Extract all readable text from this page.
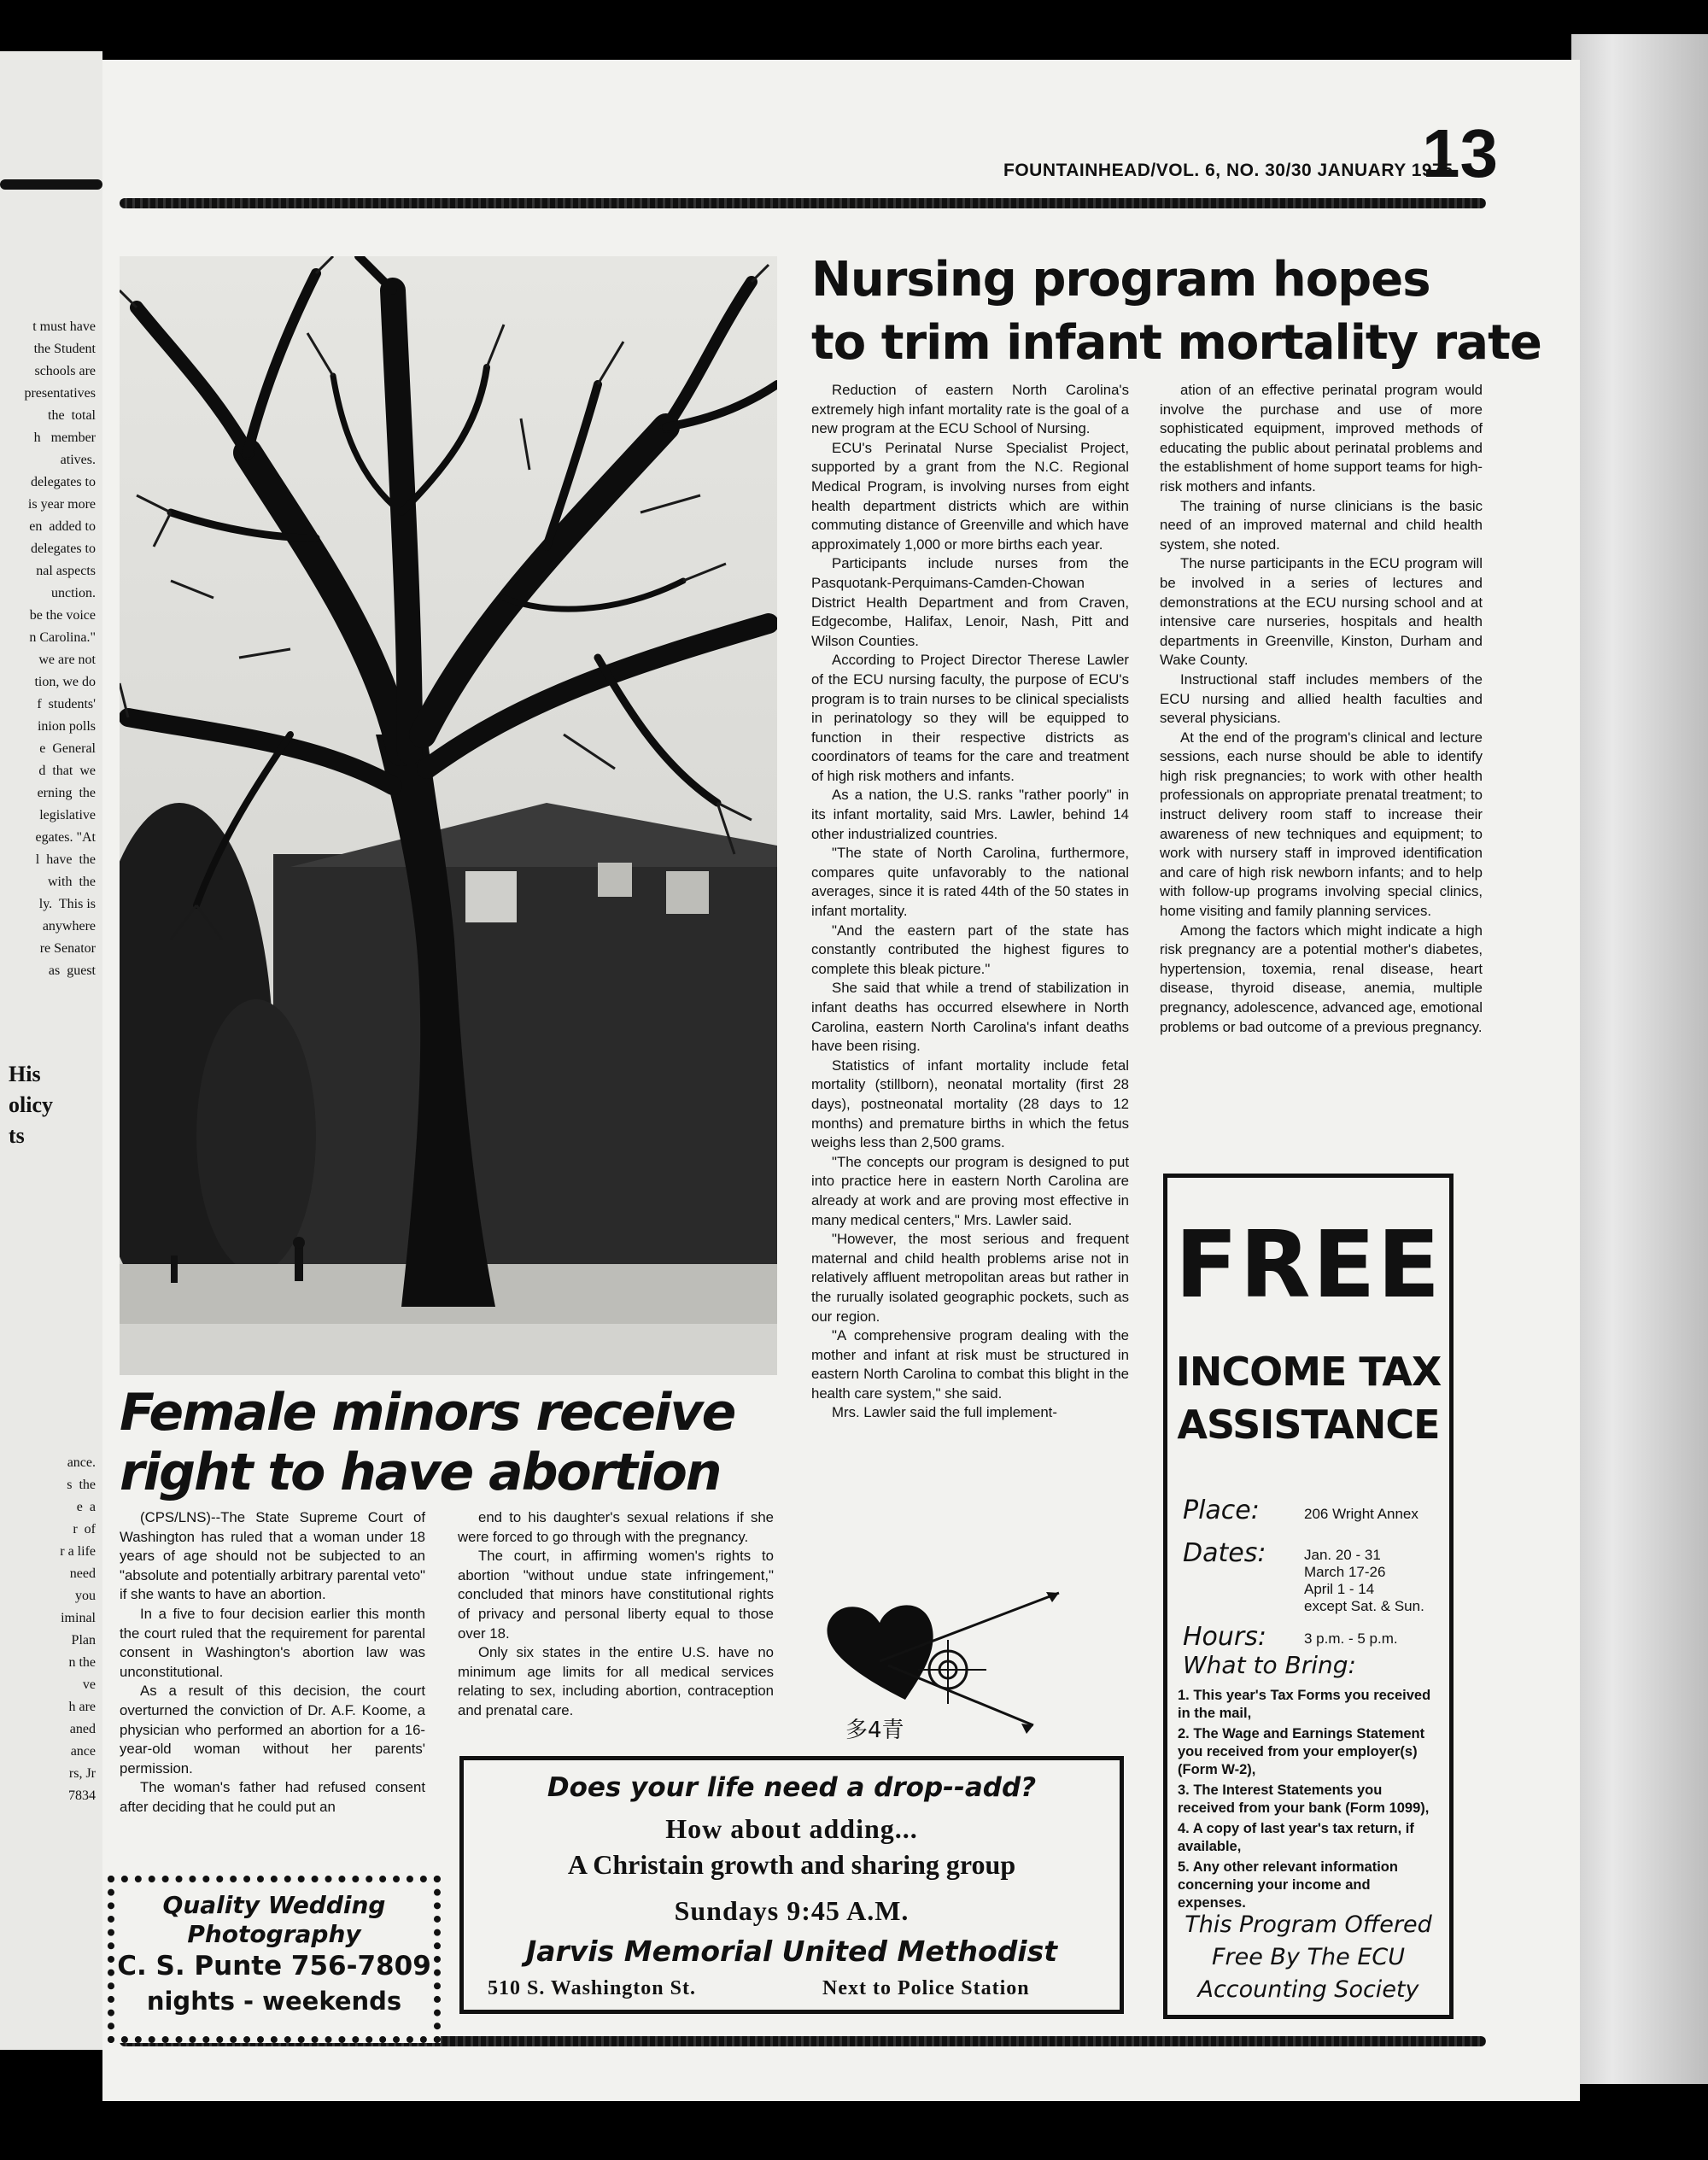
t must have
the Student
schools are
presentatives
the  total
h   member
atives.
delegates to
is year more
en  added to
delegates to
nal aspects
unction.
be the voice
n Carolina."
we are not
tion, we do
f  students'
inion polls
e  General
d  that  we
erning  the
legislative
egates. "At
l  have  the
with  the
ly.  This is
anywhere
re Senator
as  guest
His
olicy
ts
ance.
s  the
e  a
r  of
r a life
need
you
iminal
Plan
n the
ve
h are
aned
ance
rs, Jr
7834
FOUNTAINHEAD/VOL. 6, NO. 30/30 JANUARY 1975
13
Nursing program hopes
to trim infant mortality rate

Reduction of eastern North Carolina's extremely high infant mortality rate is the goal of a new program at the ECU School of Nursing.

ECU's Perinatal Nurse Specialist Project, supported by a grant from the N.C. Regional Medical Program, is involving nurses from eight health department districts which are within commuting distance of Greenville and which have approximately 1,000 or more births each year.

Participants include nurses from the Pasquotank-Perquimans-Camden-Chowan District Health Department and from Craven, Edgecombe, Halifax, Lenoir, Nash, Pitt and Wilson Counties.

According to Project Director Therese Lawler of the ECU nursing faculty, the purpose of ECU's program is to train nurses to be clinical specialists in perinatology so they will be equipped to function in their respective districts as coordinators of teams for the care and treatment of high risk mothers and infants.

As a nation, the U.S. ranks "rather poorly" in its infant mortality, said Mrs. Lawler, behind 14 other industrialized countries.

"The state of North Carolina, furthermore, compares quite unfavorably to the national averages, since it is rated 44th of the 50 states in infant mortality.

"And the eastern part of the state has constantly contributed the highest figures to complete this bleak picture."

She said that while a trend of stabilization in infant deaths has occurred elsewhere in North Carolina, eastern North Carolina's infant deaths have been rising.

Statistics of infant mortality include fetal mortality (stillborn), neonatal mortality (first 28 days), postneonatal mortality (28 days to 12 months) and premature births in which the fetus weighs less than 2,500 grams.

"The concepts our program is designed to put into practice here in eastern North Carolina are already at work and are proving most effective in many medical centers," Mrs. Lawler said.

"However, the most serious and frequent maternal and child health problems arise not in relatively affluent metropolitan areas but rather in the rurually isolated geographic pockets, such as our region.

"A comprehensive program dealing with the mother and infant at risk must be structured in eastern North Carolina to combat this blight in the health care system," she said.

Mrs. Lawler said the full implement-

ation of an effective perinatal program would involve the purchase and use of more sophisticated equipment, improved methods of educating the public about perinatal problems and the establishment of home support teams for high-risk mothers and infants.

The training of nurse clinicians is the basic need of an improved maternal and child health system, she noted.

The nurse participants in the ECU program will be involved in a series of lectures and demonstrations at the ECU nursing school and at intensive care nurseries, hospitals and health departments in Greenville, Kinston, Durham and Wake County.

Instructional staff includes members of the ECU nursing and allied health faculties and several physicians.

At the end of the program's clinical and lecture sessions, each nurse should be able to identify high risk pregnancies; to work with other health professionals on appropriate prenatal treatment; to instruct delivery room staff to increase their awareness of new techniques and equipment; to work with nursery staff in improved identification and care of high risk newborn infants; and to help with follow-up programs involving special clinics, home visiting and family planning services.

Among the factors which might indicate a high risk pregnancy are a potential mother's diabetes, hypertension, toxemia, renal disease, heart disease, thyroid disease, anemia, multiple pregnancy, adolescence, advanced age, emotional problems or bad outcome of a previous pregnancy.

Female minors receive
right to have abortion

(CPS/LNS)--The State Supreme Court of Washington has ruled that a woman under 18 years of age should not be subjected to an "absolute and potentially arbitrary parental veto" if she wants to have an abortion.

In a five to four decision earlier this month the court ruled that the requirement for parental consent in Washington's abortion law was unconstitutional.

As a result of this decision, the court overturned the conviction of Dr. A.F. Koome, a physician who performed an abortion for a 16-year-old woman without her parents' permission.

The woman's father had refused consent after deciding that he could put an

end to his daughter's sexual relations if she were forced to go through with the pregnancy.

The court, in affirming women's rights to abortion "without undue state infringement," concluded that minors have constitutional rights of privacy and personal liberty equal to those over 18.

Only six states in the entire U.S. have no minimum age limits for all medical services relating to sex, including abortion, contraception and prenatal care.

多4青
FREE
INCOME TAX
ASSISTANCE
Place:	206 Wright Annex
Dates:	Jan. 20 - 31
March 17-26
April 1 - 14
except Sat. & Sun.
Hours:	3 p.m. - 5 p.m.
What to Bring:
1. This year's Tax Forms you received in the mail,
2. The Wage and Earnings Statement you received from your employer(s) (Form W-2),
3. The Interest Statements you received from your bank (Form 1099),
4. A copy of last year's tax return, if available,
5. Any other relevant information concerning your income and expenses.
This Program Offered
Free By The ECU
Accounting Society
Does your life need a drop--add?
How about adding...
A Christain growth and sharing group
Sundays 9:45 A.M.
Jarvis Memorial United Methodist
510 S. Washington St.	Next to Police Station
Quality Wedding
Photography
C. S. Punte 756-7809
nights - weekends
